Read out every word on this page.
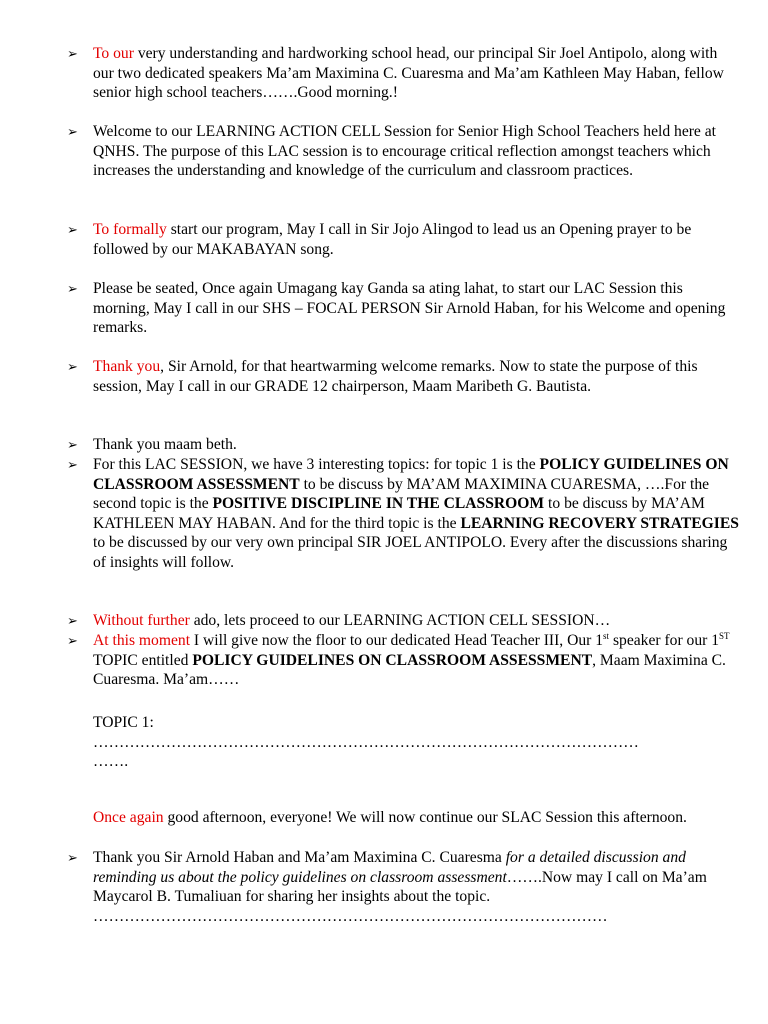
➢ To our very understanding and hardworking school head, our principal Sir Joel Antipolo, along with our two dedicated speakers Ma’am Maximina C. Cuaresma and Ma’am Kathleen May Haban, fellow senior high school teachers…….Good morning.!
➢ Welcome to our LEARNING ACTION CELL Session for Senior High School Teachers held here at QNHS. The purpose of this LAC session is to encourage critical reflection amongst teachers which increases the understanding and knowledge of the curriculum and classroom practices.
➢ To formally start our program, May I call in Sir Jojo Alingod to lead us an Opening prayer to be followed by our MAKABAYAN song.
➢ Please be seated, Once again Umagang kay Ganda sa ating lahat, to start our LAC Session this morning, May I call in our SHS – FOCAL PERSON Sir Arnold Haban, for his Welcome and opening remarks.
➢ Thank you, Sir Arnold, for that heartwarming welcome remarks. Now to state the purpose of this session, May I call in our GRADE 12 chairperson, Maam Maribeth G. Bautista.
➢ Thank you maam beth.
➢ For this LAC SESSION, we have 3 interesting topics: for topic 1 is the POLICY GUIDELINES ON CLASSROOM ASSESSMENT to be discuss by MA’AM MAXIMINA CUARESMA, ….For the second topic is the POSITIVE DISCIPLINE IN THE CLASSROOM to be discuss by MA’AM KATHLEEN MAY HABAN. And for the third topic is the LEARNING RECOVERY STRATEGIES to be discussed by our very own principal SIR JOEL ANTIPOLO. Every after the discussions sharing of insights will follow.
➢ Without further ado, lets proceed to our LEARNING ACTION CELL SESSION…
➢ At this moment I will give now the floor to our dedicated Head Teacher III, Our 1st speaker for our 1ST TOPIC entitled POLICY GUIDELINES ON CLASSROOM ASSESSMENT, Maam Maximina C. Cuaresma. Ma’am……
TOPIC 1:
……………………………………………………………………………………………
…….
Once again good afternoon, everyone! We will now continue our SLAC Session this afternoon.
➢ Thank you Sir Arnold Haban and Ma’am Maximina C. Cuaresma for a detailed discussion and reminding us about the policy guidelines on classroom assessment…….Now may I call on Ma’am Maycarol B. Tumaliuan for sharing her insights about the topic.
………………………………………………………………………………………
